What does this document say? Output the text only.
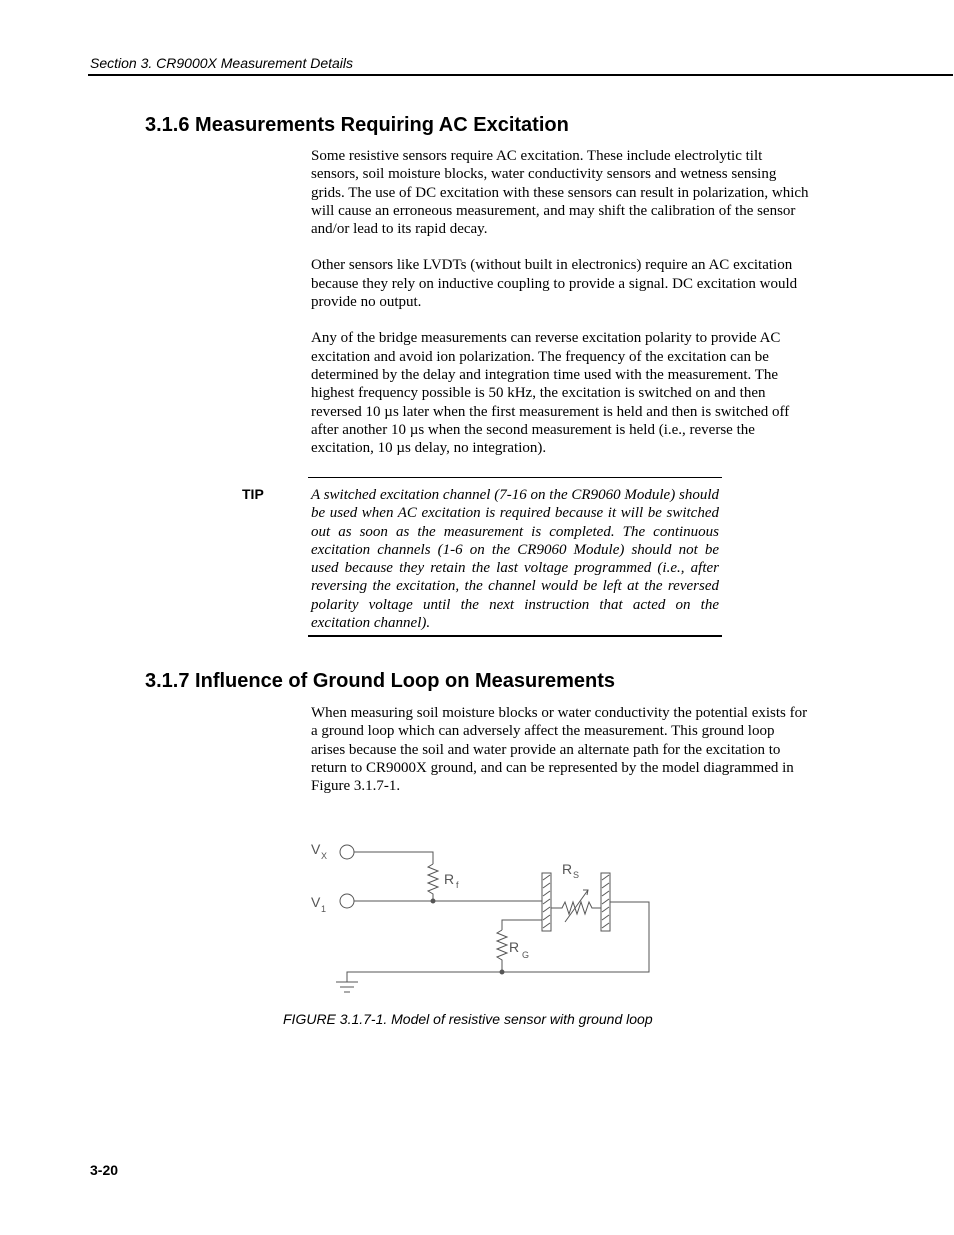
Section 3. CR9000X Measurement Details
3.1.6 Measurements Requiring AC Excitation

Some resistive sensors require AC excitation. These include electrolytic tilt sensors, soil moisture blocks, water conductivity sensors and wetness sensing grids. The use of DC excitation with these sensors can result in polarization, which will cause an erroneous measurement, and may shift the calibration of the sensor and/or lead to its rapid decay.

Other sensors like LVDTs (without built in electronics) require an AC excitation because they rely on inductive coupling to provide a signal. DC excitation would provide no output.

Any of the bridge measurements can reverse excitation polarity to provide AC excitation and avoid ion polarization. The frequency of the excitation can be determined by the delay and integration time used with the measurement. The highest frequency possible is 50 kHz, the excitation is switched on and then reversed 10 µs later when the first measurement is held and then is switched off after another 10 µs when the second measurement is held (i.e., reverse the excitation, 10 µs delay, no integration).

TIP	A switched excitation channel (7-16 on the CR9060 Module) should be used when AC excitation is required because it will be switched out as soon as the measurement is completed. The continuous excitation channels (1-6 on the CR9060 Module) should not be used because they retain the last voltage programmed (i.e., after reversing the excitation, the channel would be left at the reversed polarity voltage until the next instruction that acted on the excitation channel).

3.1.7 Influence of Ground Loop on Measurements

When measuring soil moisture blocks or water conductivity the potential exists for a ground loop which can adversely affect the measurement. This ground loop arises because the soil and water provide an alternate path for the excitation to return to CR9000X ground, and can be represented by the model diagrammed in Figure 3.1.7-1.

V X
V 1
R f
R S
R G
FIGURE 3.1.7-1. Model of resistive sensor with ground loop
3-20
